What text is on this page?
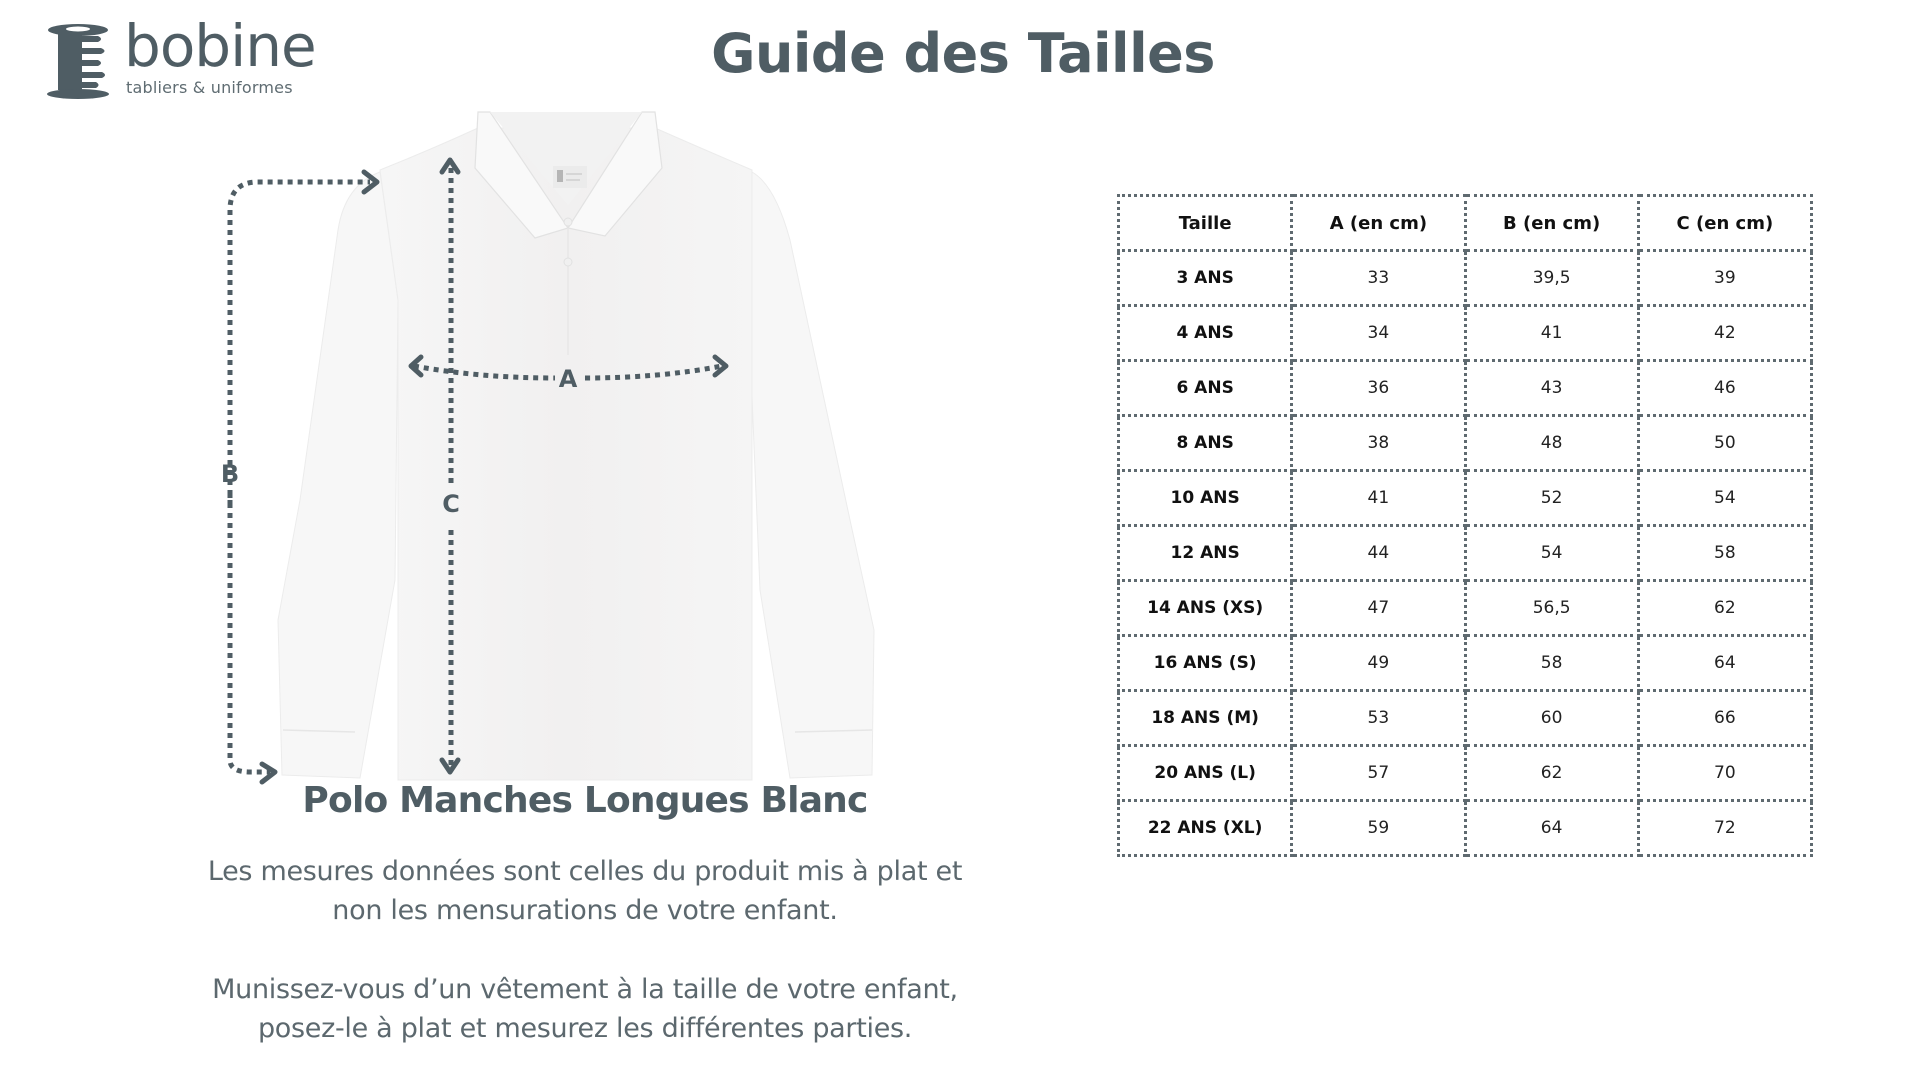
bobine
tabliers & uniformes
Guide des Tailles
A
B
C
Polo Manches Longues Blanc
Les mesures données sont celles du produit mis à plat et
non les mensurations de votre enfant.
Munissez-vous d’un vêtement à la taille de votre enfant,
posez-le à plat et mesurez les différentes parties.
Taille	A (en cm)	B (en cm)	C (en cm)
3 ANS	33	39,5	39
4 ANS	34	41	42
6 ANS	36	43	46
8 ANS	38	48	50
10 ANS	41	52	54
12 ANS	44	54	58
14 ANS (XS)	47	56,5	62
16 ANS (S)	49	58	64
18 ANS (M)	53	60	66
20 ANS (L)	57	62	70
22 ANS (XL)	59	64	72
